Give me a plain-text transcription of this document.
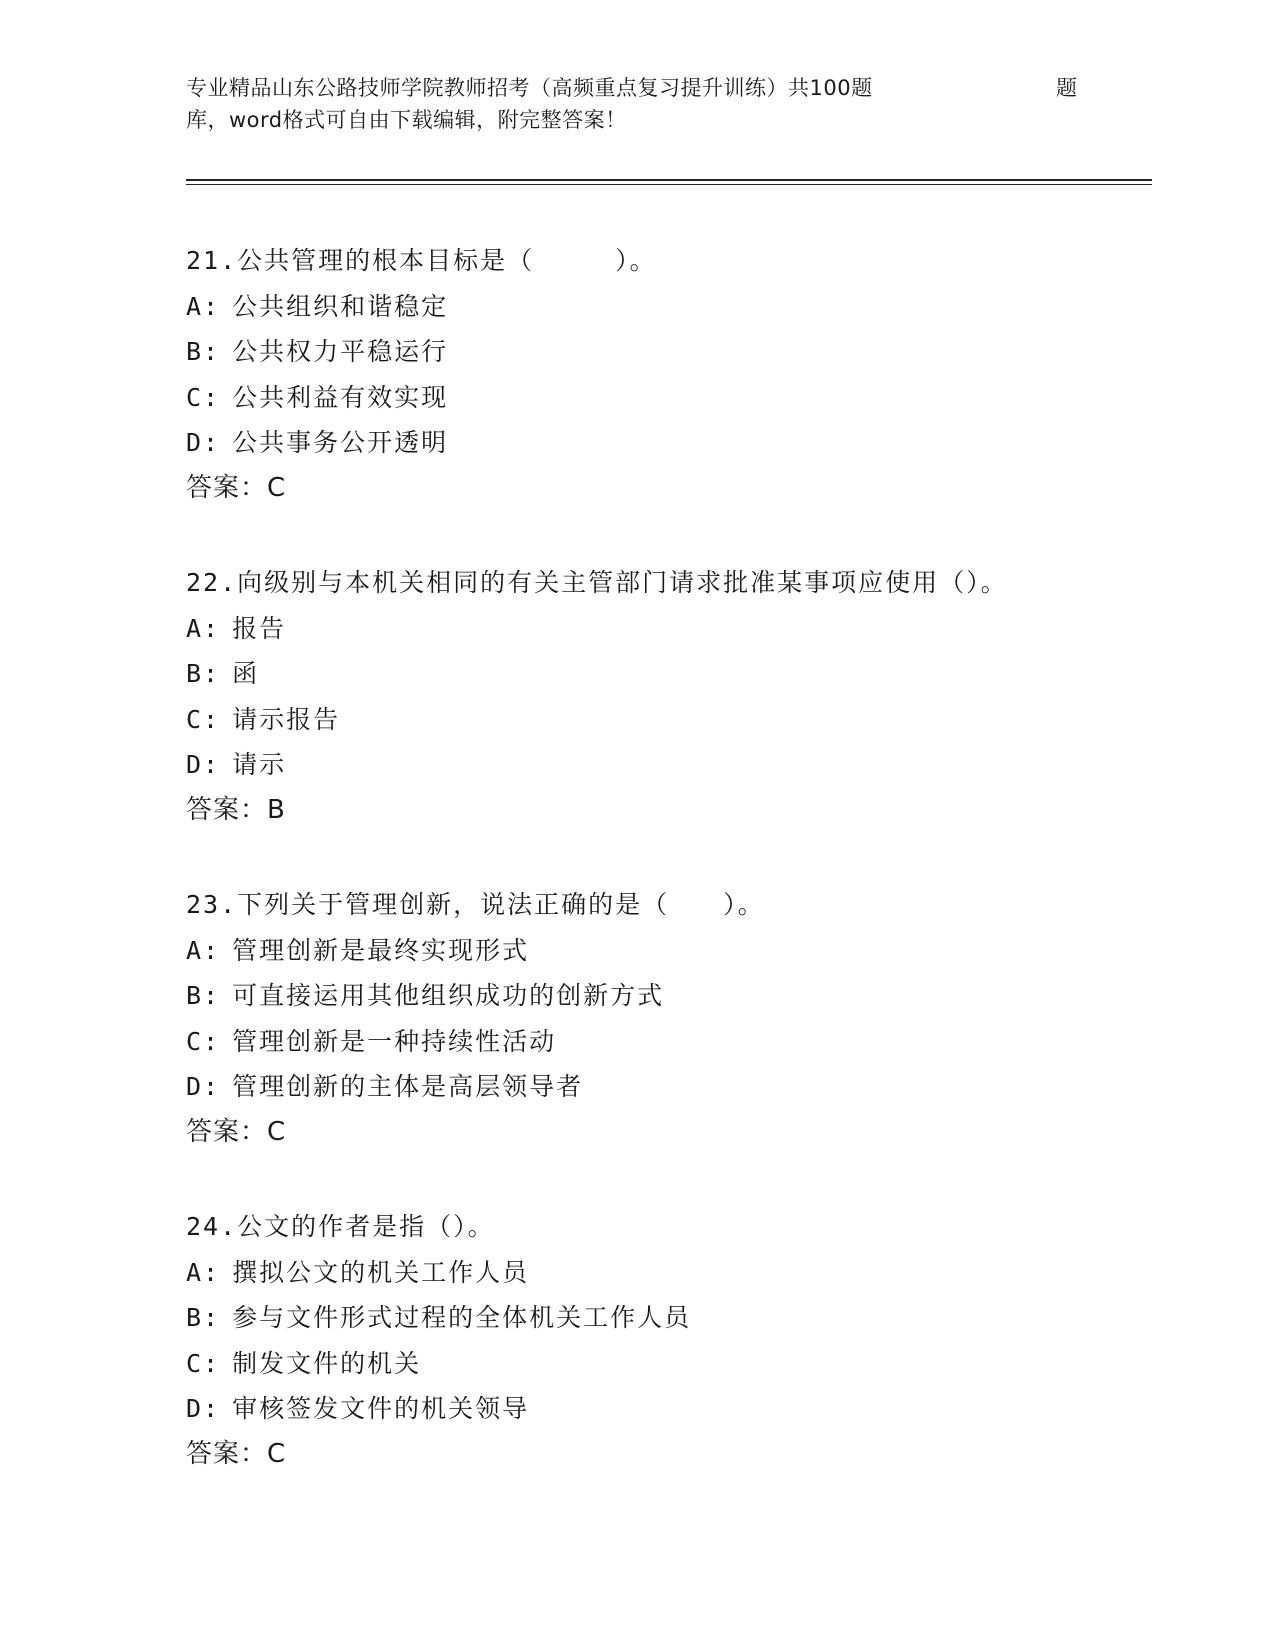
专业精品山东公路技师学院教师招考（高频重点复习提升训练）共100题	题
库，word格式可自由下载编辑，附完整答案！
21.公共管理的根本目标是（　　　）。
A: 公共组织和谐稳定
B: 公共权力平稳运行
C: 公共利益有效实现
D: 公共事务公开透明
答案：C
22.向级别与本机关相同的有关主管部门请求批准某事项应使用（）。
A: 报告
B: 函
C: 请示报告
D: 请示
答案：B
23.下列关于管理创新，说法正确的是（　　）。
A: 管理创新是最终实现形式
B: 可直接运用其他组织成功的创新方式
C: 管理创新是一种持续性活动
D: 管理创新的主体是高层领导者
答案：C
24.公文的作者是指（）。
A: 撰拟公文的机关工作人员
B: 参与文件形式过程的全体机关工作人员
C: 制发文件的机关
D: 审核签发文件的机关领导
答案：C
